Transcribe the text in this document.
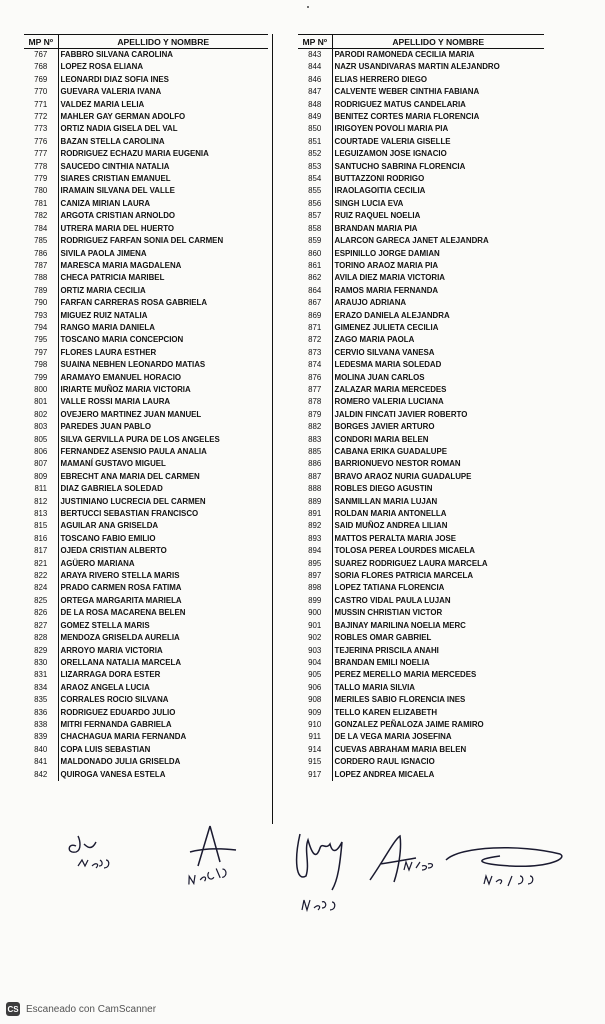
MP Nº	APELLIDO Y NOMBRE
767	FABBRO SILVANA CAROLINA
768	LOPEZ ROSA ELIANA
769	LEONARDI DIAZ SOFIA INES
770	GUEVARA VALERIA IVANA
771	VALDEZ MARIA LELIA
772	MAHLER GAY GERMAN ADOLFO
773	ORTIZ NADIA GISELA DEL VAL
776	BAZAN STELLA CAROLINA
777	RODRIGUEZ ECHAZU MARIA EUGENIA
778	SAUCEDO CINTHIA NATALIA
779	SIARES CRISTIAN EMANUEL
780	IRAMAIN SILVANA DEL VALLE
781	CANIZA MIRIAN LAURA
782	ARGOTA CRISTIAN ARNOLDO
784	UTRERA MARIA DEL HUERTO
785	RODRIGUEZ FARFAN SONIA DEL CARMEN
786	SIVILA PAOLA JIMENA
787	MARESCA MARIA MAGDALENA
788	CHECA PATRICIA MARIBEL
789	ORTIZ MARIA CECILIA
790	FARFAN CARRERAS ROSA GABRIELA
793	MIGUEZ RUIZ NATALIA
794	RANGO MARIA DANIELA
795	TOSCANO MARIA CONCEPCION
797	FLORES LAURA ESTHER
798	SUAINA NEBHEN LEONARDO MATIAS
799	ARAMAYO EMANUEL HORACIO
800	IRIARTE MUÑOZ MARIA VICTORIA
801	VALLE ROSSI MARIA LAURA
802	OVEJERO MARTINEZ JUAN MANUEL
803	PAREDES JUAN PABLO
805	SILVA GERVILLA PURA DE LOS ANGELES
806	FERNANDEZ ASENSIO PAULA ANALIA
807	MAMANÍ GUSTAVO MIGUEL
809	EBRECHT ANA MARIA DEL CARMEN
811	DIAZ GABRIELA SOLEDAD
812	JUSTINIANO LUCRECIA DEL CARMEN
813	BERTUCCI SEBASTIAN FRANCISCO
815	AGUILAR ANA GRISELDA
816	TOSCANO FABIO EMILIO
817	OJEDA CRISTIAN ALBERTO
821	AGÜERO MARIANA
822	ARAYA RIVERO STELLA MARIS
824	PRADO CARMEN ROSA FATIMA
825	ORTEGA MARGARITA MARIELA
826	DE LA ROSA MACARENA BELEN
827	GOMEZ STELLA MARIS
828	MENDOZA GRISELDA AURELIA
829	ARROYO MARIA VICTORIA
830	ORELLANA NATALIA MARCELA
831	LIZARRAGA DORA ESTER
834	ARAOZ ANGELA LUCIA
835	CORRALES ROCIO SILVANA
836	RODRIGUEZ EDUARDO JULIO
838	MITRI FERNANDA GABRIELA
839	CHACHAGUA MARIA FERNANDA
840	COPA LUIS SEBASTIAN
841	MALDONADO JULIA GRISELDA
842	QUIROGA VANESA ESTELA
MP Nº	APELLIDO Y NOMBRE
843	PARODI RAMONEDA CECILIA MARIA
844	NAZR USANDIVARAS MARTIN ALEJANDRO
846	ELIAS HERRERO DIEGO
847	CALVENTE WEBER CINTHIA FABIANA
848	RODRIGUEZ MATUS CANDELARIA
849	BENITEZ CORTES MARIA FLORENCIA
850	IRIGOYEN POVOLI MARIA PIA
851	COURTADE VALERIA GISELLE
852	LEGUIZAMON JOSE IGNACIO
853	SANTUCHO SABRINA FLORENCIA
854	BUTTAZZONI RODRIGO
855	IRAOLAGOITIA CECILIA
856	SINGH LUCIA EVA
857	RUIZ RAQUEL NOELIA
858	BRANDAN MARIA PIA
859	ALARCON GARECA JANET ALEJANDRA
860	ESPINILLO JORGE DAMIAN
861	TORINO ARAOZ MARIA PIA
862	AVILA DIEZ MARIA VICTORIA
864	RAMOS MARIA FERNANDA
867	ARAUJO ADRIANA
869	ERAZO DANIELA ALEJANDRA
871	GIMENEZ JULIETA CECILIA
872	ZAGO MARIA PAOLA
873	CERVIO SILVANA VANESA
874	LEDESMA MARIA SOLEDAD
876	MOLINA JUAN CARLOS
877	ZALAZAR MARIA MERCEDES
878	ROMERO VALERIA LUCIANA
879	JALDIN FINCATI JAVIER ROBERTO
882	BORGES JAVIER ARTURO
883	CONDORI MARIA BELEN
885	CABANA ERIKA GUADALUPE
886	BARRIONUEVO NESTOR ROMAN
887	BRAVO ARAOZ NURIA GUADALUPE
888	ROBLES DIEGO AGUSTIN
889	SANMILLAN MARIA LUJAN
891	ROLDAN MARIA ANTONELLA
892	SAID MUÑOZ ANDREA LILIAN
893	MATTOS PERALTA MARIA JOSE
894	TOLOSA PEREA LOURDES MICAELA
895	SUAREZ RODRIGUEZ LAURA MARCELA
897	SORIA FLORES PATRICIA MARCELA
898	LOPEZ TATIANA FLORENCIA
899	CASTRO VIDAL PAULA LUJAN
900	MUSSIN CHRISTIAN VICTOR
901	BAJINAY MARILINA NOELIA MERC
902	ROBLES OMAR GABRIEL
903	TEJERINA PRISCILA ANAHI
904	BRANDAN EMILI NOELIA
905	PEREZ MERELLO MARIA MERCEDES
906	TALLO MARIA SILVIA
908	MERILES SABIO FLORENCIA INES
909	TELLO KAREN ELIZABETH
910	GONZALEZ PEÑALOZA JAIME RAMIRO
911	DE LA VEGA MARIA JOSEFINA
914	CUEVAS ABRAHAM MARIA BELEN
915	CORDERO RAUL IGNACIO
917	LOPEZ ANDREA MICAELA
CS Escaneado con CamScanner
